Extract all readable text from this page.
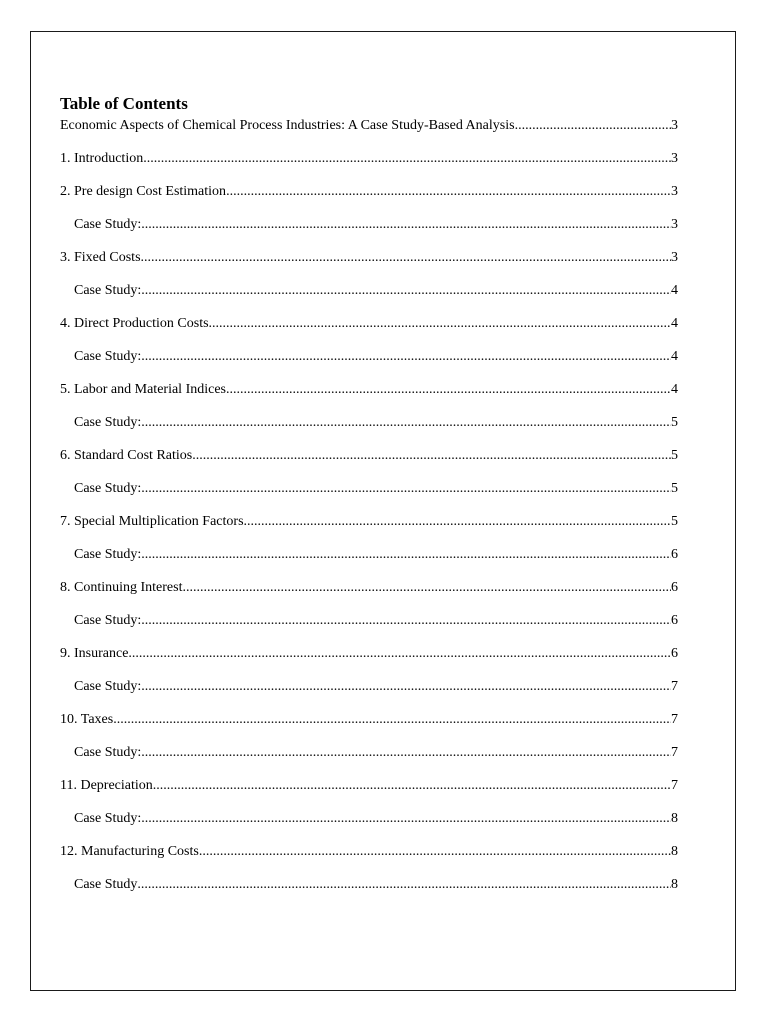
Table of Contents
Economic Aspects of Chemical Process Industries: A Case Study-Based Analysis .....	3
1. Introduction .....	3
2. Pre design Cost Estimation .....	3
Case Study: .....	3
3. Fixed Costs .....	3
Case Study: .....	4
4. Direct Production Costs .....	4
Case Study: .....	4
5. Labor and Material Indices .....	4
Case Study: .....	5
6. Standard Cost Ratios .....	5
Case Study: .....	5
7. Special Multiplication Factors .....	5
Case Study: .....	6
8. Continuing Interest .....	6
Case Study: .....	6
9. Insurance .....	6
Case Study: .....	7
10. Taxes .....	7
Case Study: .....	7
11. Depreciation .....	7
Case Study: .....	8
12. Manufacturing Costs .....	8
Case Study .....	8
